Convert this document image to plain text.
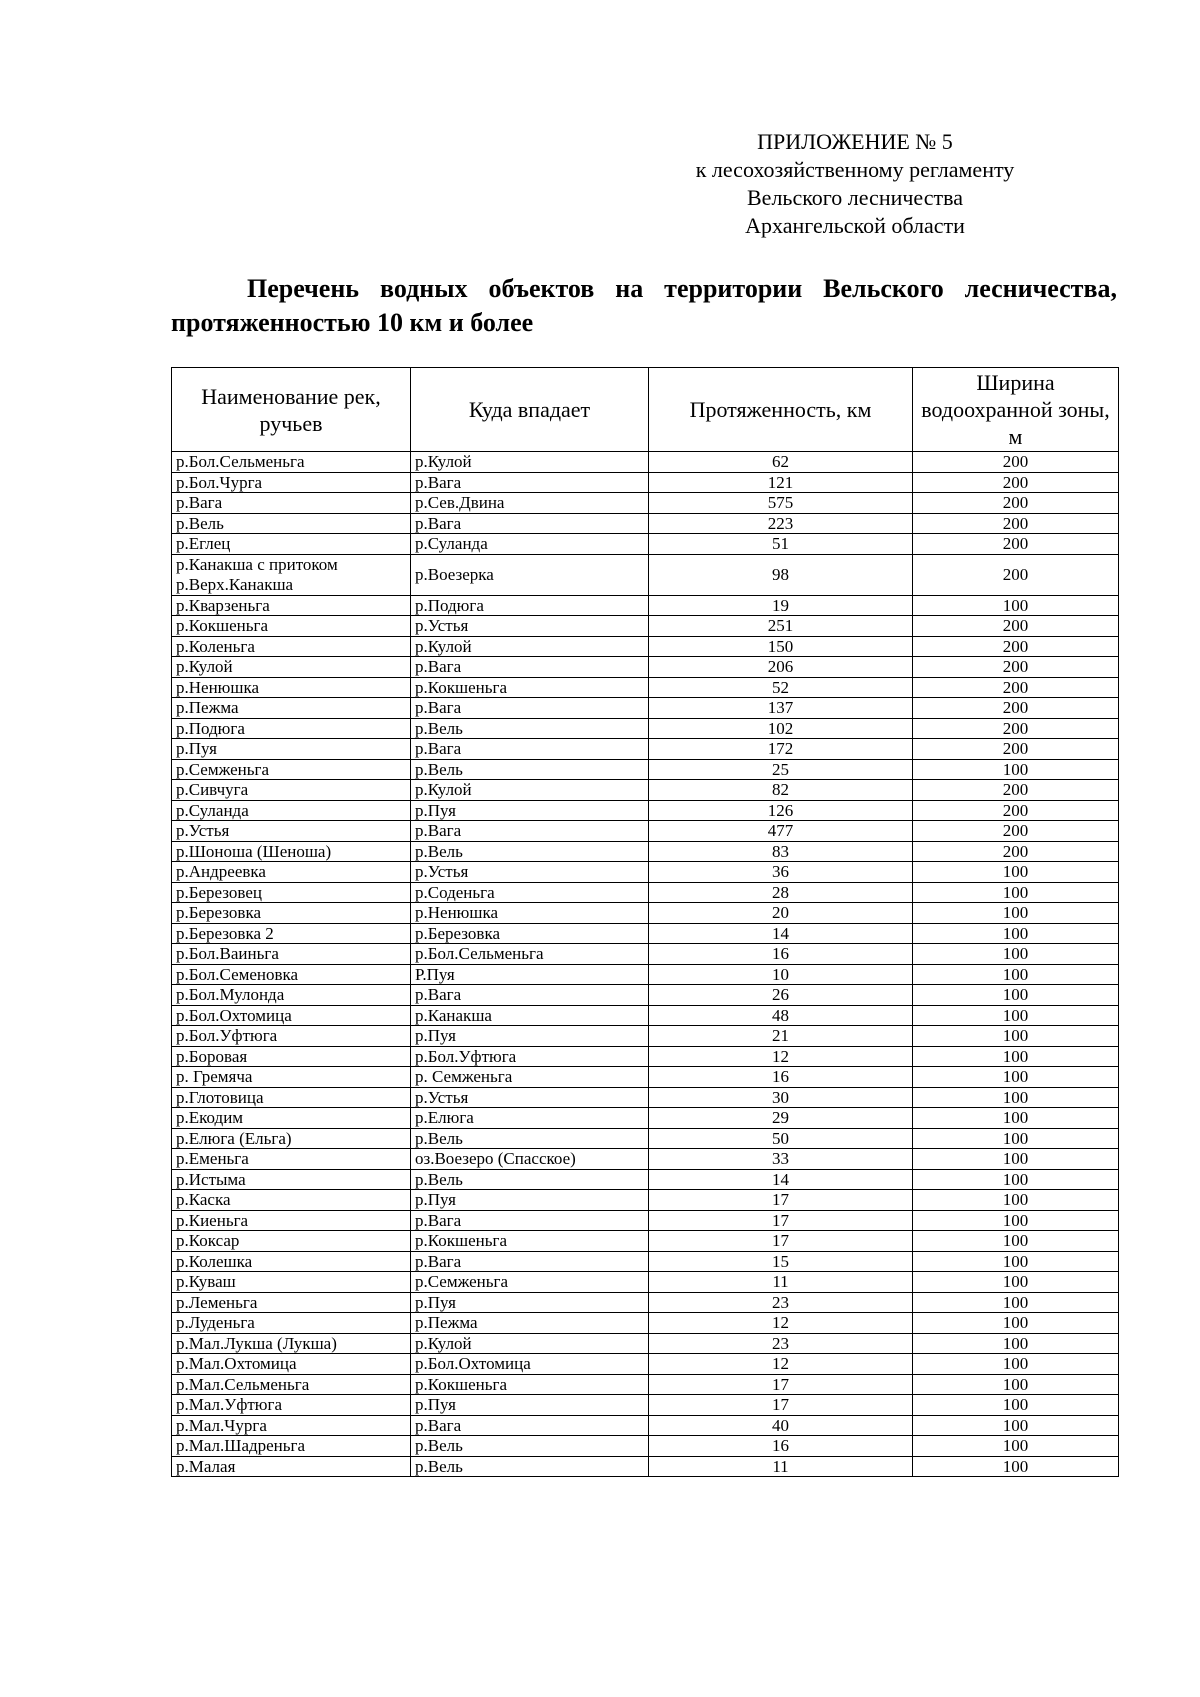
ПРИЛОЖЕНИЕ № 5
к лесохозяйственному регламенту
Вельского лесничества
Архангельской области
Перечень водных объектов на территории Вельского лесничества,
протяженностью 10 км и более
Наименование рек, ручьев	Куда впадает	Протяженность, км	Ширина водоохранной зоны, м
р.Бол.Сельменьга	р.Кулой	62	200
р.Бол.Чурга	р.Вага	121	200
р.Вага	р.Сев.Двина	575	200
р.Вель	р.Вага	223	200
р.Еглец	р.Суланда	51	200
р.Канакша с притоком р.Верх.Канакша	р.Воезерка	98	200
р.Кварзеньга	р.Подюга	19	100
р.Кокшеньга	р.Устья	251	200
р.Коленьга	р.Кулой	150	200
р.Кулой	р.Вага	206	200
р.Ненюшка	р.Кокшеньга	52	200
р.Пежма	р.Вага	137	200
р.Подюга	р.Вель	102	200
р.Пуя	р.Вага	172	200
р.Семженьга	р.Вель	25	100
р.Сивчуга	р.Кулой	82	200
р.Суланда	р.Пуя	126	200
р.Устья	р.Вага	477	200
р.Шоноша (Шеноша)	р.Вель	83	200
р.Андреевка	р.Устья	36	100
р.Березовец	р.Соденьга	28	100
р.Березовка	р.Ненюшка	20	100
р.Березовка 2	р.Березовка	14	100
р.Бол.Ваиньга	р.Бол.Сельменьга	16	100
р.Бол.Семеновка	Р.Пуя	10	100
р.Бол.Мулонда	р.Вага	26	100
р.Бол.Охтомица	р.Канакша	48	100
р.Бол.Уфтюга	р.Пуя	21	100
р.Боровая	р.Бол.Уфтюга	12	100
р. Гремяча	р. Семженьга	16	100
р.Глотовица	р.Устья	30	100
р.Екодим	р.Елюга	29	100
р.Елюга (Ельга)	р.Вель	50	100
р.Еменьга	оз.Воезеро (Спасское)	33	100
р.Истыма	р.Вель	14	100
р.Каска	р.Пуя	17	100
р.Киеньга	р.Вага	17	100
р.Коксар	р.Кокшеньга	17	100
р.Колешка	р.Вага	15	100
р.Куваш	р.Семженьга	11	100
р.Леменьга	р.Пуя	23	100
р.Луденьга	р.Пежма	12	100
р.Мал.Лукша (Лукша)	р.Кулой	23	100
р.Мал.Охтомица	р.Бол.Охтомица	12	100
р.Мал.Сельменьга	р.Кокшеньга	17	100
р.Мал.Уфтюга	р.Пуя	17	100
р.Мал.Чурга	р.Вага	40	100
р.Мал.Шадреньга	р.Вель	16	100
р.Малая	р.Вель	11	100
